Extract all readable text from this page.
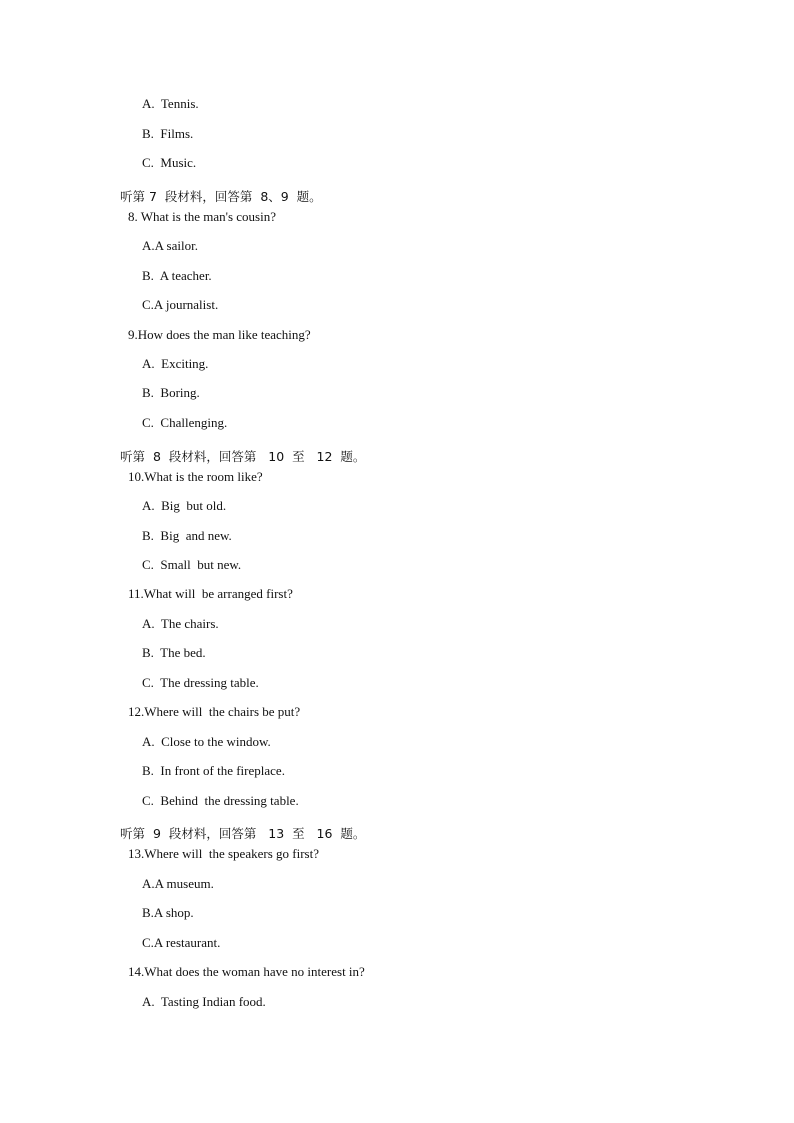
A.  Tennis.
B.  Films.
C.  Music.
听第 7  段材料，回答第  8、9  题。
8. What is the man's cousin?
A.A sailor.
B.  A teacher.
C.A journalist.
9.How does the man like teaching?
A.  Exciting.
B.  Boring.
C.  Challenging.
听第  8  段材料，回答第   10  至   12  题。
10.What is the room like?
A.  Big  but old.
B.  Big  and new.
C.  Small  but new.
11.What will  be arranged first?
A.  The chairs.
B.  The bed.
C.  The dressing table.
12.Where will  the chairs be put?
A.  Close to the window.
B.  In front of the fireplace.
C.  Behind  the dressing table.
听第  9  段材料，回答第   13  至   16  题。
13.Where will  the speakers go first?
A.A museum.
B.A shop.
C.A restaurant.
14.What does the woman have no interest in?
A.  Tasting Indian food.
